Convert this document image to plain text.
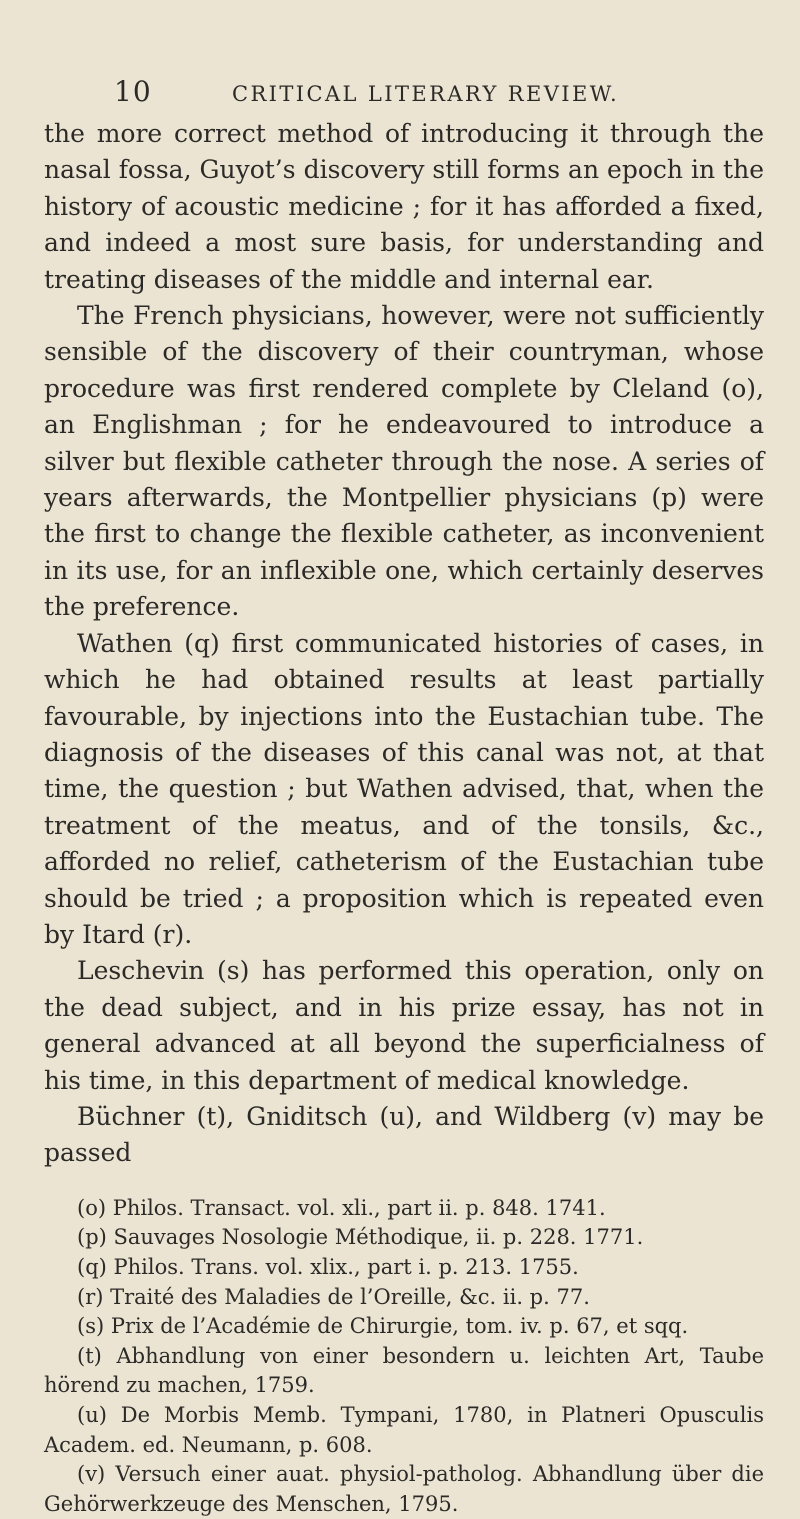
10	CRITICAL LITERARY REVIEW.

the more correct method of introducing it through the nasal fossa, Guyot’s discovery still forms an epoch in the history of acoustic medicine ; for it has afforded a fixed, and indeed a most sure basis, for understanding and treating diseases of the middle and internal ear.

The French physicians, however, were not sufficiently sensible of the discovery of their countryman, whose procedure was first rendered complete by Cleland (o), an Englishman ; for he endeavoured to introduce a silver but flexible catheter through the nose. A series of years afterwards, the Montpellier physicians (p) were the first to change the flexible catheter, as inconvenient in its use, for an inflexible one, which certainly deserves the preference.

Wathen (q) first communicated histories of cases, in which he had obtained results at least partially favourable, by injections into the Eustachian tube. The diagnosis of the diseases of this canal was not, at that time, the question ; but Wathen advised, that, when the treatment of the meatus, and of the tonsils, &c., afforded no relief, catheterism of the Eustachian tube should be tried ; a proposition which is repeated even by Itard (r).

Leschevin (s) has performed this operation, only on the dead subject, and in his prize essay, has not in general advanced at all beyond the superficialness of his time, in this department of medical knowledge.

Büchner (t), Gniditsch (u), and Wildberg (v) may be passed

(o) Philos. Transact. vol. xli., part ii. p. 848. 1741.

(p) Sauvages Nosologie Méthodique, ii. p. 228. 1771.

(q) Philos. Trans. vol. xlix., part i. p. 213. 1755.

(r) Traité des Maladies de l’Oreille, &c. ii. p. 77.

(s) Prix de l’Académie de Chirurgie, tom. iv. p. 67, et sqq.

(t) Abhandlung von einer besondern u. leichten Art, Taube hörend zu machen, 1759.

(u) De Morbis Memb. Tympani, 1780, in Platneri Opusculis Academ. ed. Neumann, p. 608.

(v) Versuch einer auat. physiol-patholog. Abhandlung über die Gehörwerkzeuge des Menschen, 1795.
